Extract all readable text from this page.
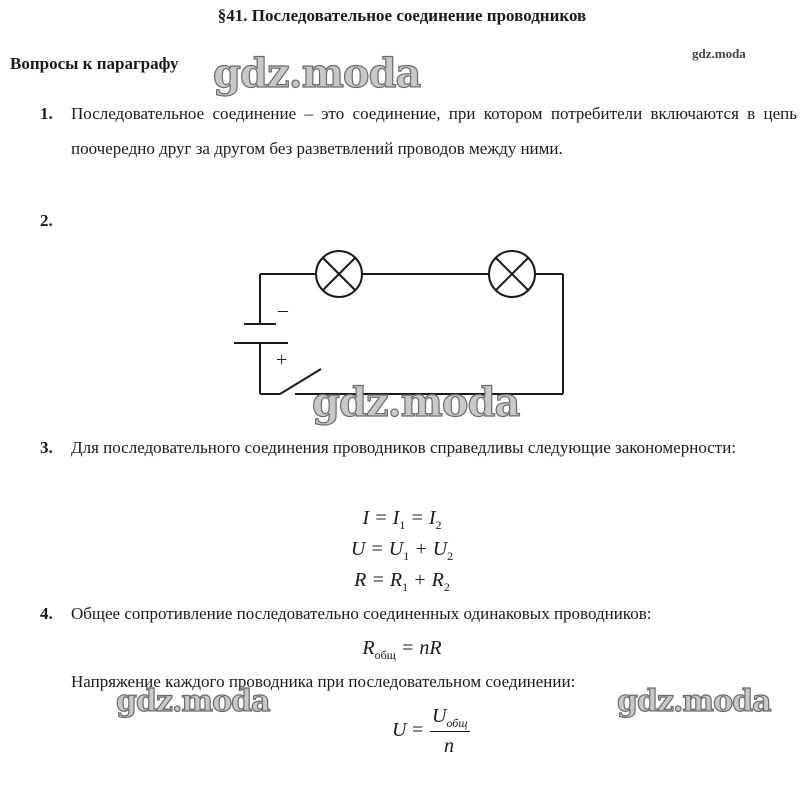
§41. Последовательное соединение проводников
Вопросы к параграфу
gdz.moda
gdz.moda
1. Последовательное соединение – это соединение, при котором потребители включаются в цепь поочередно друг за другом без разветвлений проводов между ними.
2.
–
+
gdz.moda
3. Для последовательного соединения проводников справедливы следующие закономерности:
$I = I_1 = I_2$
$U = U_1 + U_2$
$R = R_1 + R_2$
4. Общее сопротивление последовательно соединенных одинаковых проводников:
$R_{общ}$ = nR
Напряжение каждого проводника при последовательном соединении:
gdz.moda	gdz.moda
U =
$U_{общ}$
n
